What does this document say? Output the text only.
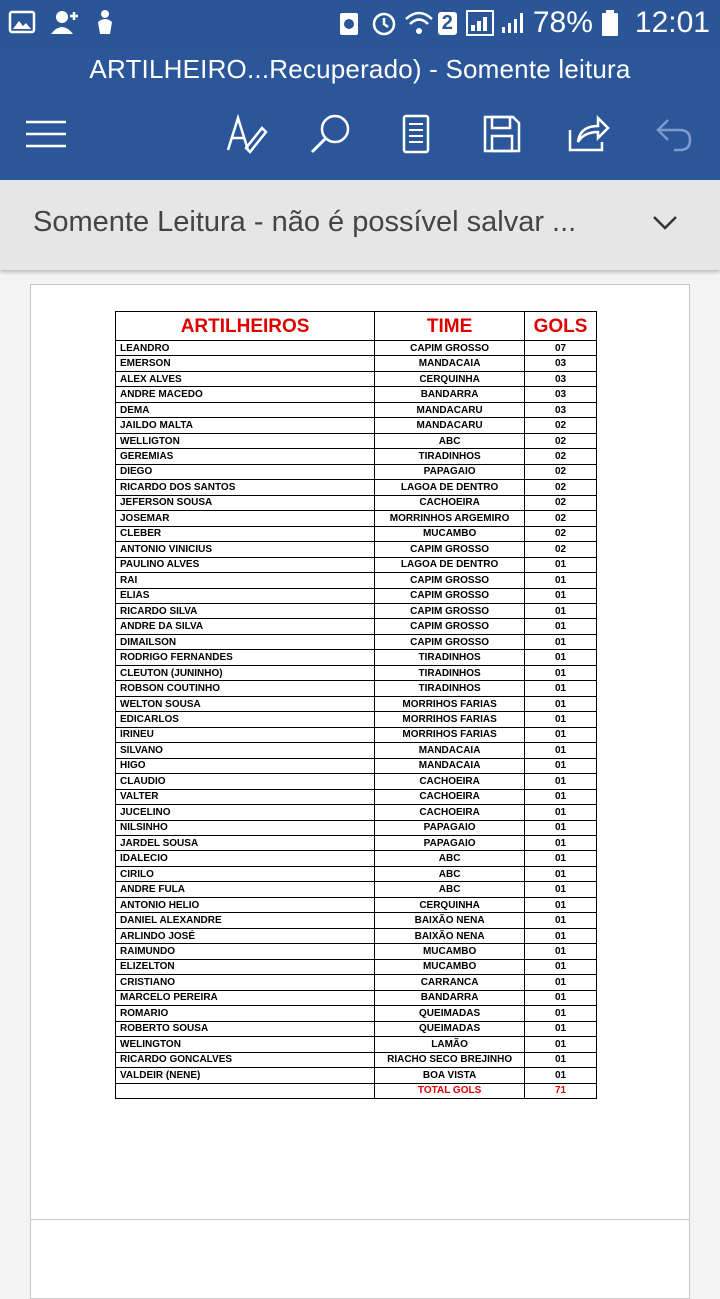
2	78% 12:01
ARTILHEIRO...Recuperado) - Somente leitura
Somente Leitura - não é possível salvar ...
ARTILHEIROS	TIME	GOLS
LEANDRO	CAPIM GROSSO	07
EMERSON	MANDACAIA	03
ALEX ALVES	CERQUINHA	03
ANDRE MACEDO	BANDARRA	03
DEMA	MANDACARU	03
JAILDO MALTA	MANDACARU	02
WELLIGTON	ABC	02
GEREMIAS	TIRADINHOS	02
DIEGO	PAPAGAIO	02
RICARDO DOS SANTOS	LAGOA DE DENTRO	02
JEFERSON SOUSA	CACHOEIRA	02
JOSEMAR	MORRINHOS ARGEMIRO	02
CLEBER	MUCAMBO	02
ANTONIO VINICIUS	CAPIM GROSSO	02
PAULINO ALVES	LAGOA DE DENTRO	01
RAI	CAPIM GROSSO	01
ELIAS	CAPIM GROSSO	01
RICARDO SILVA	CAPIM GROSSO	01
ANDRE DA SILVA	CAPIM GROSSO	01
DIMAILSON	CAPIM GROSSO	01
RODRIGO FERNANDES	TIRADINHOS	01
CLEUTON (JUNINHO)	TIRADINHOS	01
ROBSON COUTINHO	TIRADINHOS	01
WELTON SOUSA	MORRIHOS FARIAS	01
EDICARLOS	MORRIHOS FARIAS	01
IRINEU	MORRIHOS FARIAS	01
SILVANO	MANDACAIA	01
HIGO	MANDACAIA	01
CLAUDIO	CACHOEIRA	01
VALTER	CACHOEIRA	01
JUCELINO	CACHOEIRA	01
NILSINHO	PAPAGAIO	01
JARDEL SOUSA	PAPAGAIO	01
IDALECIO	ABC	01
CIRILO	ABC	01
ANDRE FULA	ABC	01
ANTONIO HELIO	CERQUINHA	01
DANIEL ALEXANDRE	BAIXÃO NENA	01
ARLINDO JOSÉ	BAIXÃO NENA	01
RAIMUNDO	MUCAMBO	01
ELIZELTON	MUCAMBO	01
CRISTIANO	CARRANCA	01
MARCELO PEREIRA	BANDARRA	01
ROMARIO	QUEIMADAS	01
ROBERTO SOUSA	QUEIMADAS	01
WELINGTON	LAMÃO	01
RICARDO GONCALVES	RIACHO SECO BREJINHO	01
VALDEIR (NENE)	BOA VISTA	01
	TOTAL GOLS	71
